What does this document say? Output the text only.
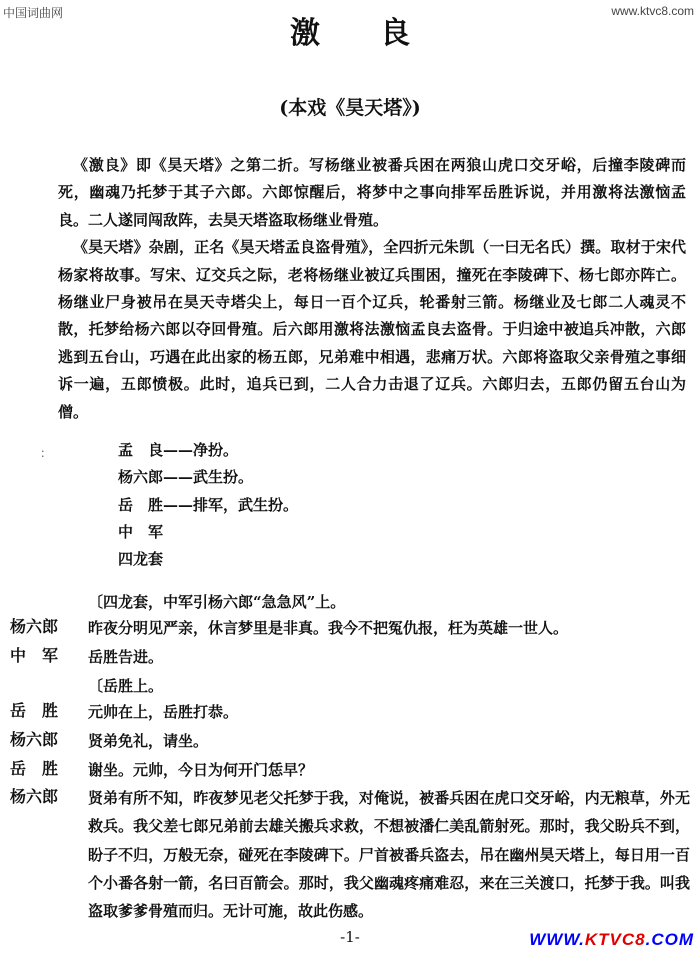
中国词曲网	www.ktvc8.com
激良
(本戏《昊天塔》)

《激良》即《昊天塔》之第二折。写杨继业被番兵困在两狼山虎口交牙峪，后撞李陵碑而死，幽魂乃托梦于其子六郎。六郎惊醒后，将梦中之事向排军岳胜诉说，并用激将法激恼孟良。二人遂同闯敌阵，去昊天塔盗取杨继业骨殖。

《昊天塔》杂剧，正名《昊天塔孟良盗骨殖》，全四折元朱凯（一曰无名氏）撰。取材于宋代杨家将故事。写宋、辽交兵之际，老将杨继业被辽兵围困，撞死在李陵碑下、杨七郎亦阵亡。杨继业尸身被吊在昊天寺塔尖上，每日一百个辽兵，轮番射三箭。杨继业及七郎二人魂灵不散，托梦给杨六郎以夺回骨殖。后六郎用激将法激恼孟良去盗骨。于归途中被追兵冲散，六郎逃到五台山，巧遇在此出家的杨五郎，兄弟难中相遇，悲痛万状。六郎将盗取父亲骨殖之事细诉一遍，五郎愤极。此时，追兵已到，二人合力击退了辽兵。六郎归去，五郎仍留五台山为僧。

：	孟　良——净扮。
杨六郎——武生扮。
岳　胜——排军，武生扮。
中　军
四龙套
〔四龙套，中军引杨六郎“急急风”上。
杨六郎	昨夜分明见严亲，休言梦里是非真。我今不把冤仇报，枉为英雄一世人。
中　军	岳胜告进。
〔岳胜上。
岳　胜	元帅在上，岳胜打恭。
杨六郎	贤弟免礼，请坐。
岳　胜	谢坐。元帅，今日为何开门恁早？
杨六郎	贤弟有所不知，昨夜梦见老父托梦于我，对俺说，被番兵困在虎口交牙峪，内无粮草，外无救兵。我父差七郎兄弟前去雄关搬兵求救，不想被潘仁美乱箭射死。那时，我父盼兵不到，盼子不归，万般无奈，碰死在李陵碑下。尸首被番兵盗去，吊在幽州昊天塔上，每日用一百个小番各射一箭，名曰百箭会。那时，我父幽魂疼痛难忍，来在三关渡口，托梦于我。叫我盗取爹爹骨殖而归。无计可施，故此伤感。
-1-	WWW.KTVC8.COM
